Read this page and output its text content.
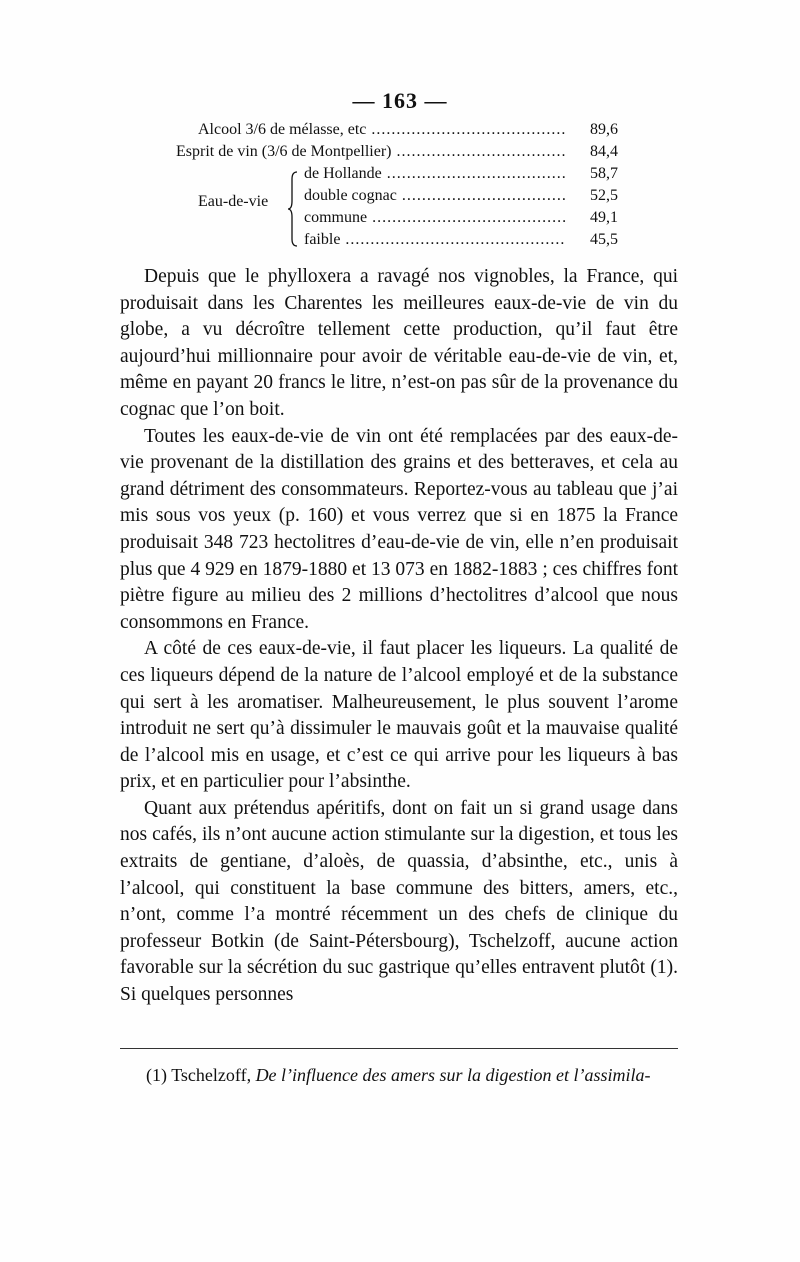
— 163 —
Alcool 3/6 de mélasse, etc .....	89,6
Esprit de vin (3/6 de Montpellier) .....	84,4
Eau-de-vie
de Hollande .....	58,7
double cognac .....	52,5
commune .....	49,1
faible .....	45,5

Depuis que le phylloxera a ravagé nos vignobles, la France, qui produisait dans les Charentes les meilleures eaux-de-vie de vin du globe, a vu décroître tellement cette production, qu’il faut être aujourd’hui millionnaire pour avoir de véritable eau-de-vie de vin, et, même en payant 20 francs le litre, n’est-on pas sûr de la provenance du cognac que l’on boit.

Toutes les eaux-de-vie de vin ont été remplacées par des eaux-de-vie provenant de la distillation des grains et des betteraves, et cela au grand détriment des consommateurs. Reportez-vous au tableau que j’ai mis sous vos yeux (p. 160) et vous verrez que si en 1875 la France produisait 348 723 hectolitres d’eau-de-vie de vin, elle n’en produisait plus que 4 929 en 1879-1880 et 13 073 en 1882-1883 ; ces chiffres font piètre figure au milieu des 2 millions d’hectolitres d’alcool que nous consommons en France.

A côté de ces eaux-de-vie, il faut placer les liqueurs. La qualité de ces liqueurs dépend de la nature de l’alcool employé et de la substance qui sert à les aromatiser. Malheureusement, le plus souvent l’arome introduit ne sert qu’à dissimuler le mauvais goût et la mauvaise qualité de l’alcool mis en usage, et c’est ce qui arrive pour les liqueurs à bas prix, et en particulier pour l’absinthe.

Quant aux prétendus apéritifs, dont on fait un si grand usage dans nos cafés, ils n’ont aucune action stimulante sur la digestion, et tous les extraits de gentiane, d’aloès, de quassia, d’absinthe, etc., unis à l’alcool, qui constituent la base commune des bitters, amers, etc., n’ont, comme l’a montré récemment un des chefs de clinique du professeur Botkin (de Saint-Pétersbourg), Tschelzoff, aucune action favorable sur la sécrétion du suc gastrique qu’elles entravent plutôt (1). Si quelques personnes

(1) Tschelzoff, De l’influence des amers sur la digestion et l’assimila-
